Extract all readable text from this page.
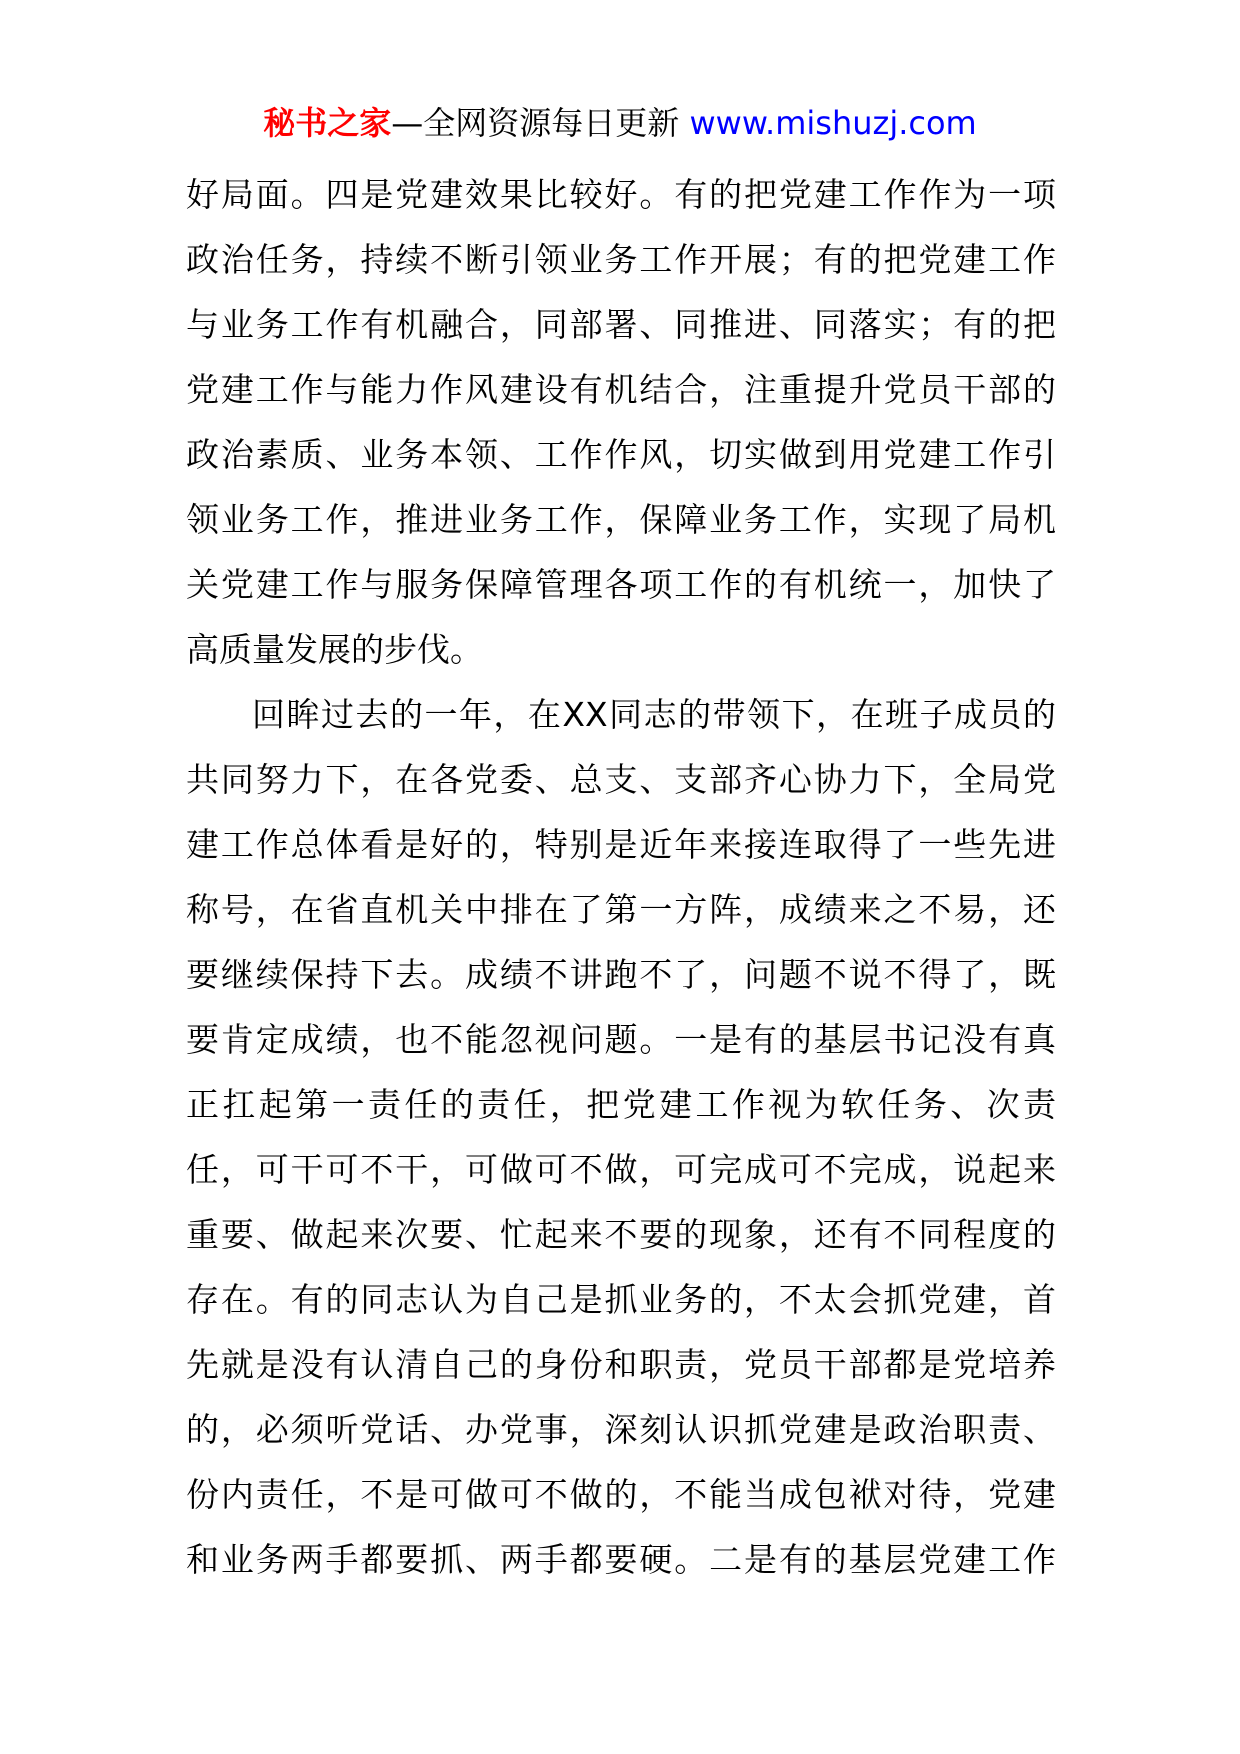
秘书之家—全网资源每日更新 www.mishuzj.com
好局面。四是党建效果比较好。有的把党建工作作为一项
政治任务，持续不断引领业务工作开展；有的把党建工作
与业务工作有机融合，同部署、同推进、同落实；有的把
党建工作与能力作风建设有机结合，注重提升党员干部的
政治素质、业务本领、工作作风，切实做到用党建工作引
领业务工作，推进业务工作，保障业务工作，实现了局机
关党建工作与服务保障管理各项工作的有机统一，加快了
高质量发展的步伐。
回眸过去的一年，在XX同志的带领下，在班子成员的
共同努力下，在各党委、总支、支部齐心协力下，全局党
建工作总体看是好的，特别是近年来接连取得了一些先进
称号，在省直机关中排在了第一方阵，成绩来之不易，还
要继续保持下去。成绩不讲跑不了，问题不说不得了，既
要肯定成绩，也不能忽视问题。一是有的基层书记没有真
正扛起第一责任的责任，把党建工作视为软任务、次责
任，可干可不干，可做可不做，可完成可不完成，说起来
重要、做起来次要、忙起来不要的现象，还有不同程度的
存在。有的同志认为自己是抓业务的，不太会抓党建，首
先就是没有认清自己的身份和职责，党员干部都是党培养
的，必须听党话、办党事，深刻认识抓党建是政治职责、
份内责任，不是可做可不做的，不能当成包袱对待，党建
和业务两手都要抓、两手都要硬。二是有的基层党建工作
